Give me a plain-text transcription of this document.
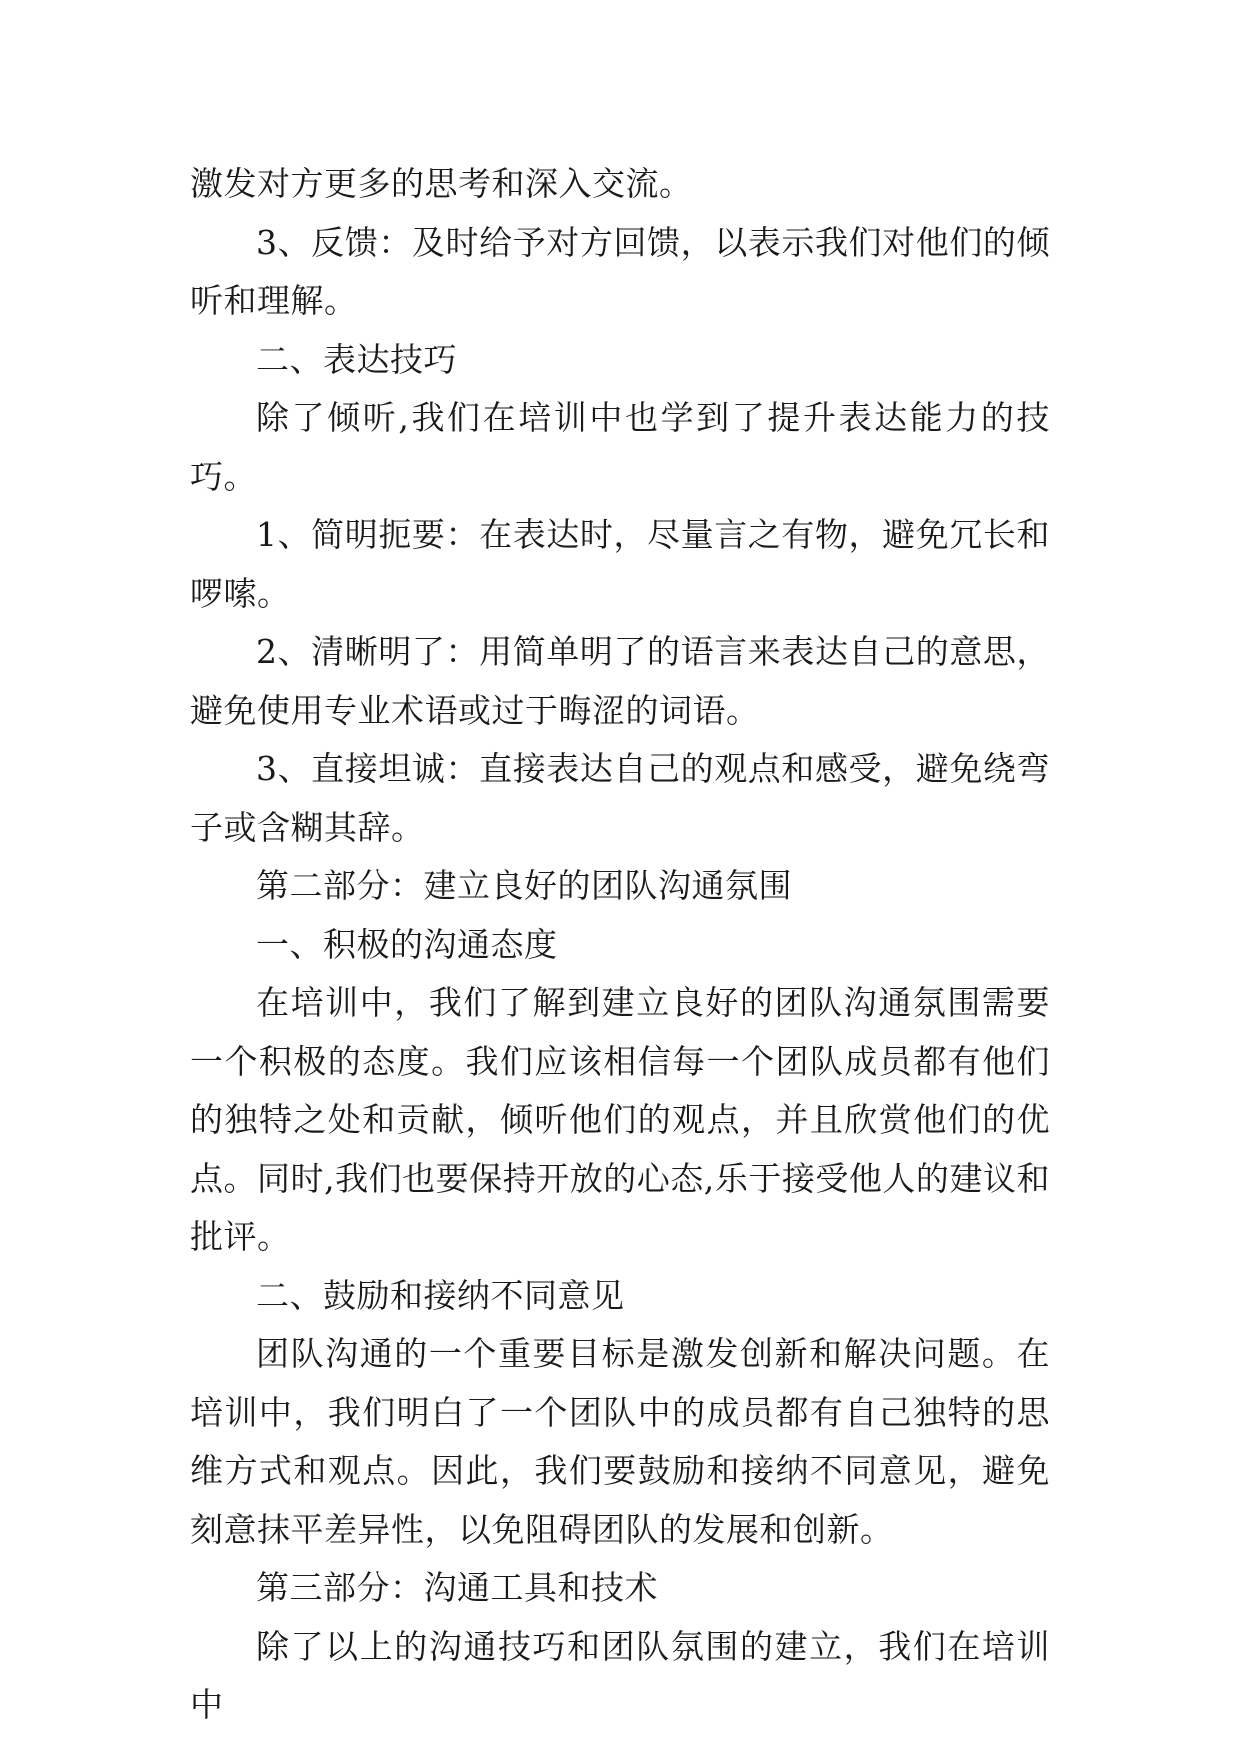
激发对方更多的思考和深入交流。

3、反馈：及时给予对方回馈，以表示我们对他们的倾听和理解。

二、表达技巧

除了倾听,我们在培训中也学到了提升表达能力的技巧。

1、简明扼要：在表达时，尽量言之有物，避免冗长和啰嗦。

2、清晰明了：用简单明了的语言来表达自己的意思，避免使用专业术语或过于晦涩的词语。

3、直接坦诚：直接表达自己的观点和感受，避免绕弯子或含糊其辞。

第二部分：建立良好的团队沟通氛围

一、积极的沟通态度

在培训中，我们了解到建立良好的团队沟通氛围需要一个积极的态度。我们应该相信每一个团队成员都有他们的独特之处和贡献，倾听他们的观点，并且欣赏他们的优点。同时,我们也要保持开放的心态,乐于接受他人的建议和批评。

二、鼓励和接纳不同意见

团队沟通的一个重要目标是激发创新和解决问题。在培训中，我们明白了一个团队中的成员都有自己独特的思维方式和观点。因此，我们要鼓励和接纳不同意见，避免刻意抹平差异性，以免阻碍团队的发展和创新。

第三部分：沟通工具和技术

除了以上的沟通技巧和团队氛围的建立，我们在培训中
